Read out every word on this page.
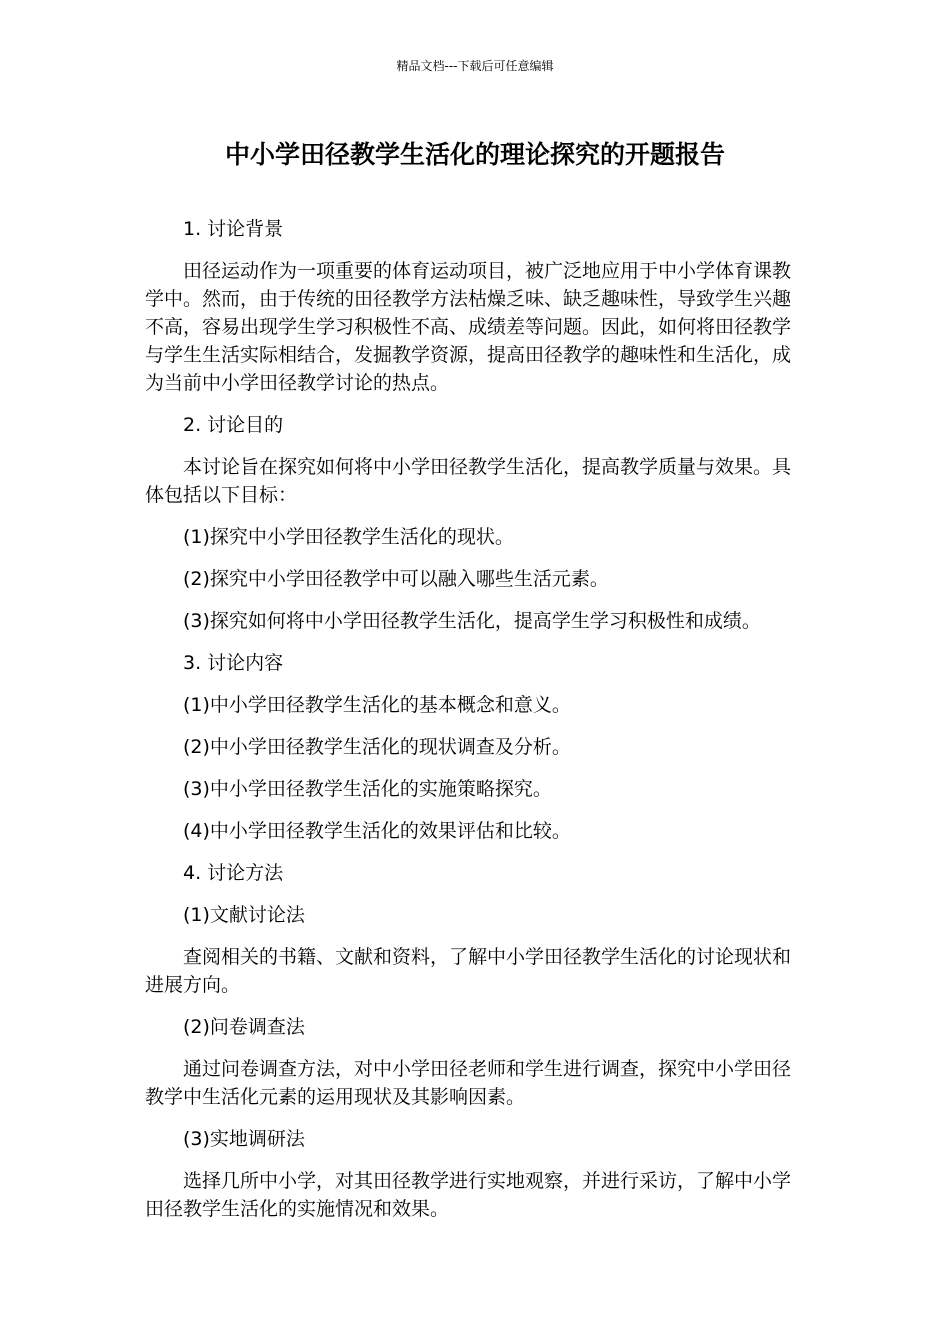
精品文档---下载后可任意编辑
中小学田径教学生活化的理论探究的开题报告

1. 讨论背景

田径运动作为一项重要的体育运动项目，被广泛地应用于中小学体育课教学中。然而，由于传统的田径教学方法枯燥乏味、缺乏趣味性，导致学生兴趣不高，容易出现学生学习积极性不高、成绩差等问题。因此，如何将田径教学与学生生活实际相结合，发掘教学资源，提高田径教学的趣味性和生活化，成为当前中小学田径教学讨论的热点。

2. 讨论目的

本讨论旨在探究如何将中小学田径教学生活化，提高教学质量与效果。具体包括以下目标：

(1)探究中小学田径教学生活化的现状。

(2)探究中小学田径教学中可以融入哪些生活元素。

(3)探究如何将中小学田径教学生活化，提高学生学习积极性和成绩。

3. 讨论内容

(1)中小学田径教学生活化的基本概念和意义。

(2)中小学田径教学生活化的现状调查及分析。

(3)中小学田径教学生活化的实施策略探究。

(4)中小学田径教学生活化的效果评估和比较。

4. 讨论方法

(1)文献讨论法

查阅相关的书籍、文献和资料，了解中小学田径教学生活化的讨论现状和进展方向。

(2)问卷调查法

通过问卷调查方法，对中小学田径老师和学生进行调查，探究中小学田径教学中生活化元素的运用现状及其影响因素。

(3)实地调研法

选择几所中小学，对其田径教学进行实地观察，并进行采访，了解中小学田径教学生活化的实施情况和效果。
